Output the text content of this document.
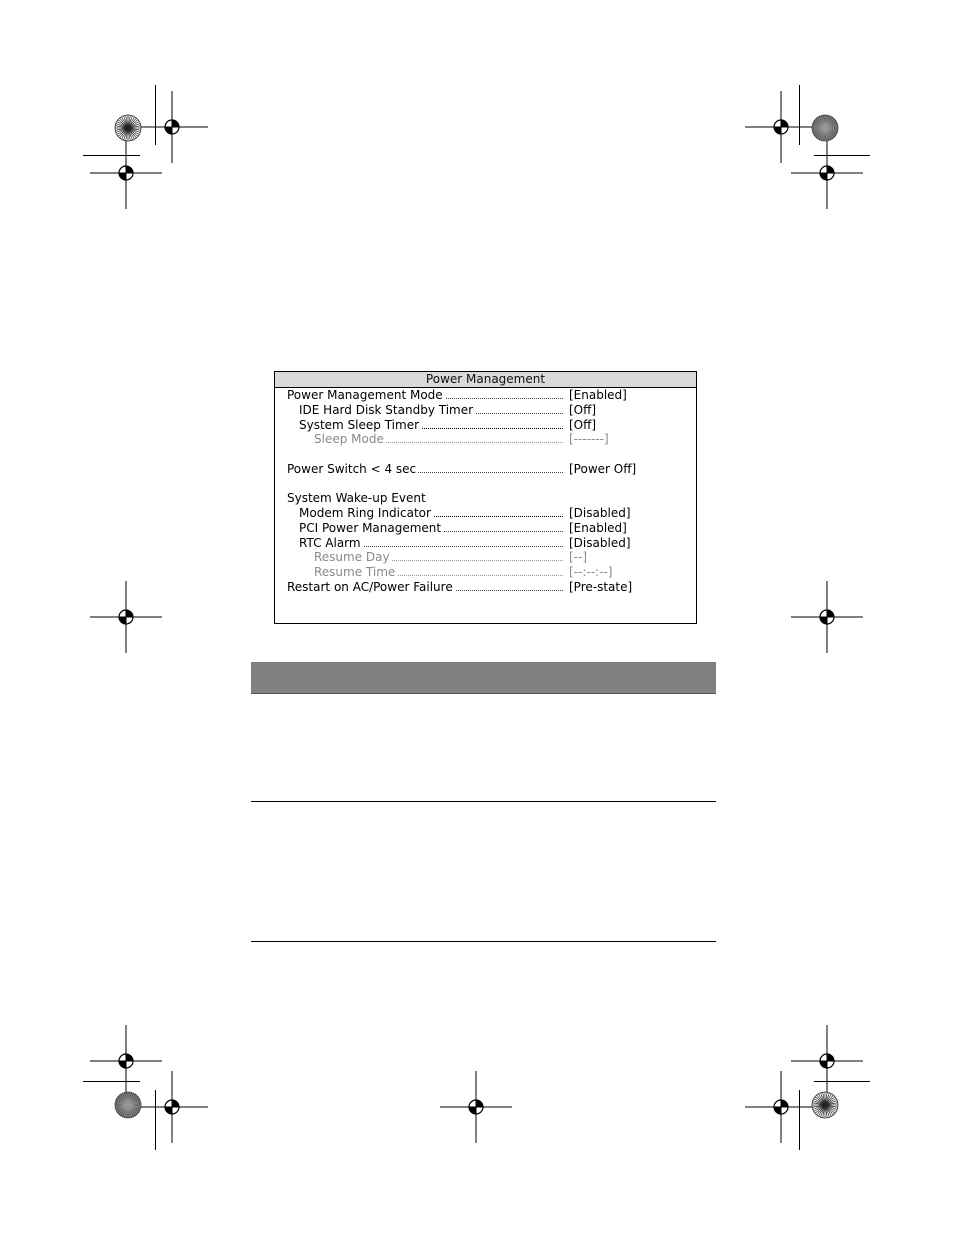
Power Management
Power Management Mode	[Enabled]
IDE Hard Disk Standby Timer	[Off]
System Sleep Timer	[Off]
Sleep Mode	[-------]
Power Switch < 4 sec	[Power Off]
System Wake-up Event
Modem Ring Indicator	[Disabled]
PCI Power Management	[Enabled]
RTC Alarm	[Disabled]
Resume Day	[--]
Resume Time	[--:--:--]
Restart on AC/Power Failure	[Pre-state]
